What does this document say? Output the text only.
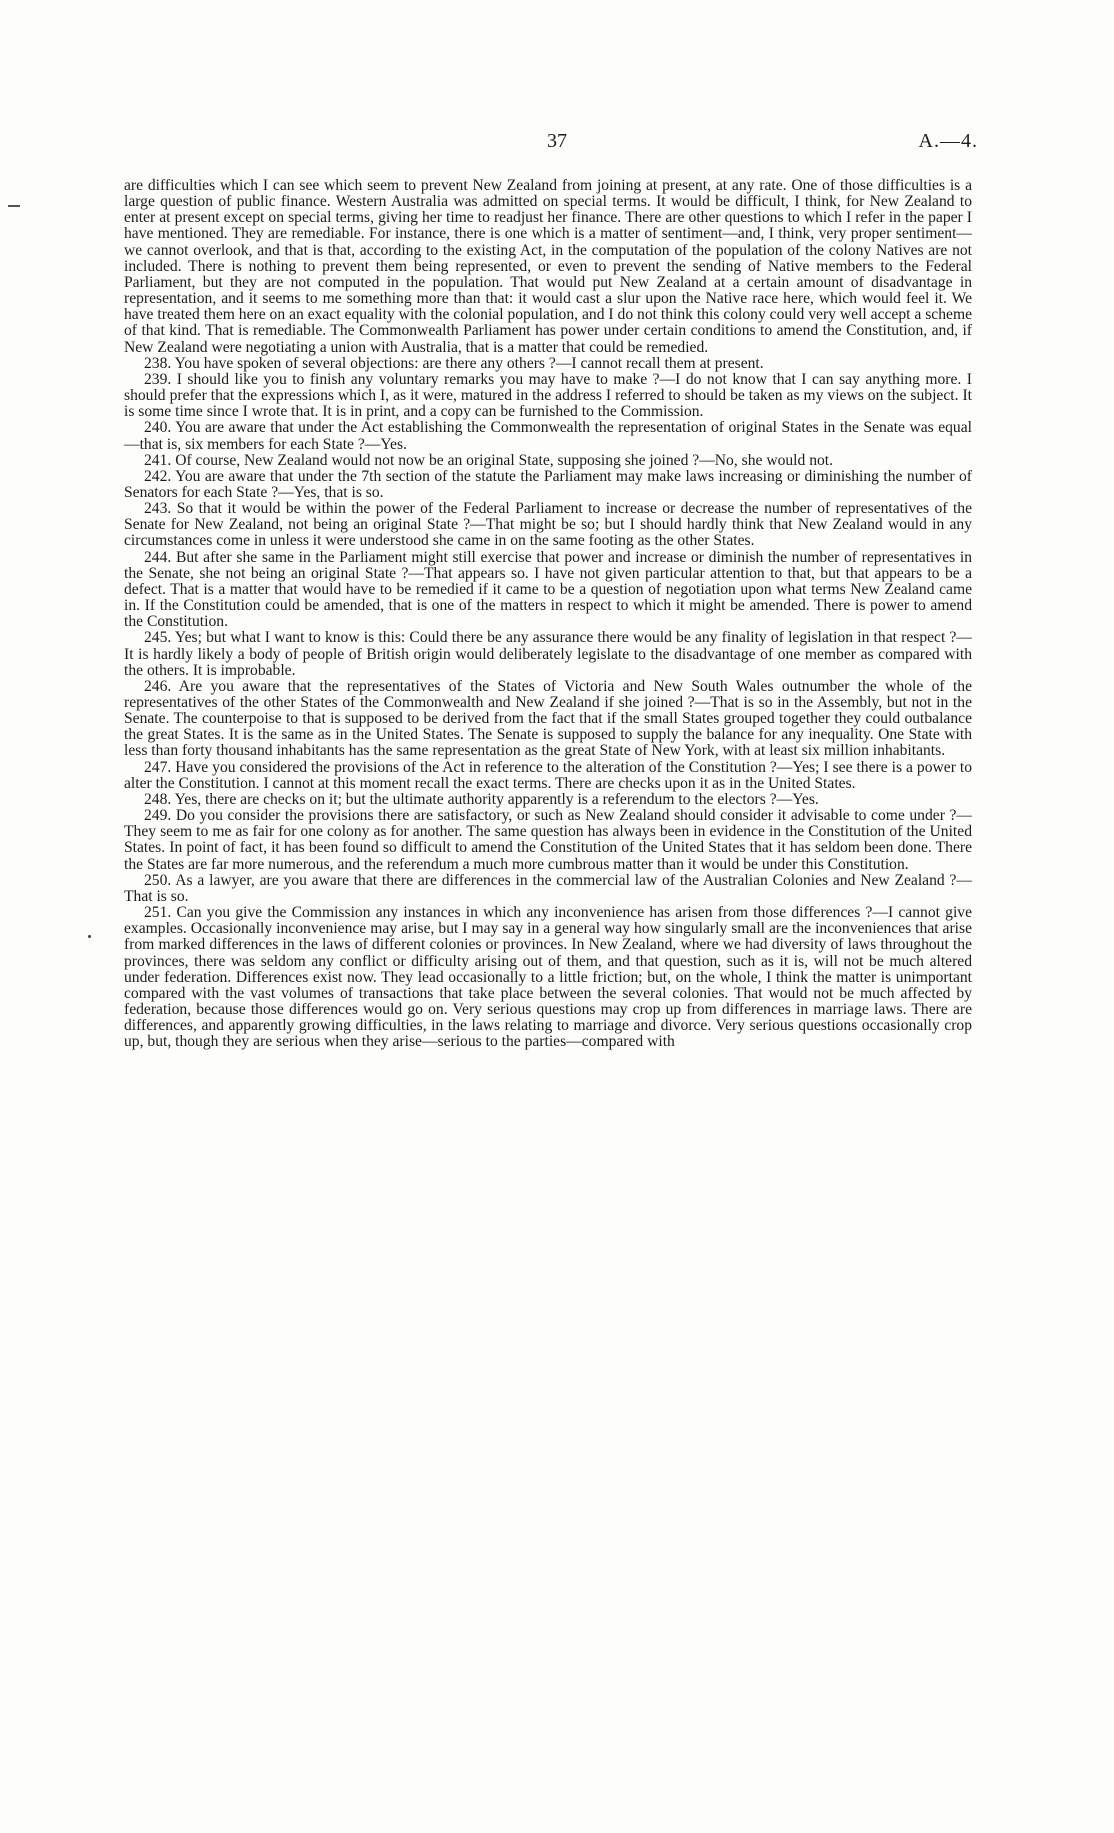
37	A.—4.

are difficulties which I can see which seem to prevent New Zealand from joining at present, at any rate. One of those difficulties is a large question of public finance. Western Australia was admitted on special terms. It would be difficult, I think, for New Zealand to enter at present except on special terms, giving her time to readjust her finance. There are other questions to which I refer in the paper I have mentioned. They are remediable. For instance, there is one which is a matter of sentiment—and, I think, very proper sentiment—we cannot overlook, and that is that, according to the existing Act, in the computation of the population of the colony Natives are not included. There is nothing to prevent them being represented, or even to prevent the sending of Native members to the Federal Parliament, but they are not computed in the population. That would put New Zealand at a certain amount of disadvantage in representation, and it seems to me something more than that: it would cast a slur upon the Native race here, which would feel it. We have treated them here on an exact equality with the colonial population, and I do not think this colony could very well accept a scheme of that kind. That is remediable. The Commonwealth Parliament has power under certain conditions to amend the Constitution, and, if New Zealand were negotiating a union with Australia, that is a matter that could be remedied.

238. You have spoken of several objections: are there any others ?—I cannot recall them at present.

239. I should like you to finish any voluntary remarks you may have to make ?—I do not know that I can say anything more. I should prefer that the expressions which I, as it were, matured in the address I referred to should be taken as my views on the subject. It is some time since I wrote that. It is in print, and a copy can be furnished to the Commission.

240. You are aware that under the Act establishing the Commonwealth the representation of original States in the Senate was equal—that is, six members for each State ?—Yes.

241. Of course, New Zealand would not now be an original State, supposing she joined ?—No, she would not.

242. You are aware that under the 7th section of the statute the Parliament may make laws increasing or diminishing the number of Senators for each State ?—Yes, that is so.

243. So that it would be within the power of the Federal Parliament to increase or decrease the number of representatives of the Senate for New Zealand, not being an original State ?—That might be so; but I should hardly think that New Zealand would in any circumstances come in unless it were understood she came in on the same footing as the other States.

244. But after she same in the Parliament might still exercise that power and increase or diminish the number of representatives in the Senate, she not being an original State ?—That appears so. I have not given particular attention to that, but that appears to be a defect. That is a matter that would have to be remedied if it came to be a question of negotiation upon what terms New Zealand came in. If the Constitution could be amended, that is one of the matters in respect to which it might be amended. There is power to amend the Constitution.

245. Yes; but what I want to know is this: Could there be any assurance there would be any finality of legislation in that respect ?—It is hardly likely a body of people of British origin would deliberately legislate to the disadvantage of one member as compared with the others. It is improbable.

246. Are you aware that the representatives of the States of Victoria and New South Wales outnumber the whole of the representatives of the other States of the Commonwealth and New Zealand if she joined ?—That is so in the Assembly, but not in the Senate. The counterpoise to that is supposed to be derived from the fact that if the small States grouped together they could outbalance the great States. It is the same as in the United States. The Senate is supposed to supply the balance for any inequality. One State with less than forty thousand inhabitants has the same representation as the great State of New York, with at least six million inhabitants.

247. Have you considered the provisions of the Act in reference to the alteration of the Constitution ?—Yes; I see there is a power to alter the Constitution. I cannot at this moment recall the exact terms. There are checks upon it as in the United States.

248. Yes, there are checks on it; but the ultimate authority apparently is a referendum to the electors ?—Yes.

249. Do you consider the provisions there are satisfactory, or such as New Zealand should consider it advisable to come under ?—They seem to me as fair for one colony as for another. The same question has always been in evidence in the Constitution of the United States. In point of fact, it has been found so difficult to amend the Constitution of the United States that it has seldom been done. There the States are far more numerous, and the referendum a much more cumbrous matter than it would be under this Constitution.

250. As a lawyer, are you aware that there are differences in the commercial law of the Australian Colonies and New Zealand ?—That is so.

251. Can you give the Commission any instances in which any inconvenience has arisen from those differences ?—I cannot give examples. Occasionally inconvenience may arise, but I may say in a general way how singularly small are the inconveniences that arise from marked differences in the laws of different colonies or provinces. In New Zealand, where we had diversity of laws throughout the provinces, there was seldom any conflict or difficulty arising out of them, and that question, such as it is, will not be much altered under federation. Differences exist now. They lead occasionally to a little friction; but, on the whole, I think the matter is unimportant compared with the vast volumes of transactions that take place between the several colonies. That would not be much affected by federation, because those differences would go on. Very serious questions may crop up from differences in marriage laws. There are differences, and apparently growing difficulties, in the laws relating to marriage and divorce. Very serious questions occasionally crop up, but, though they are serious when they arise—serious to the parties—compared with
